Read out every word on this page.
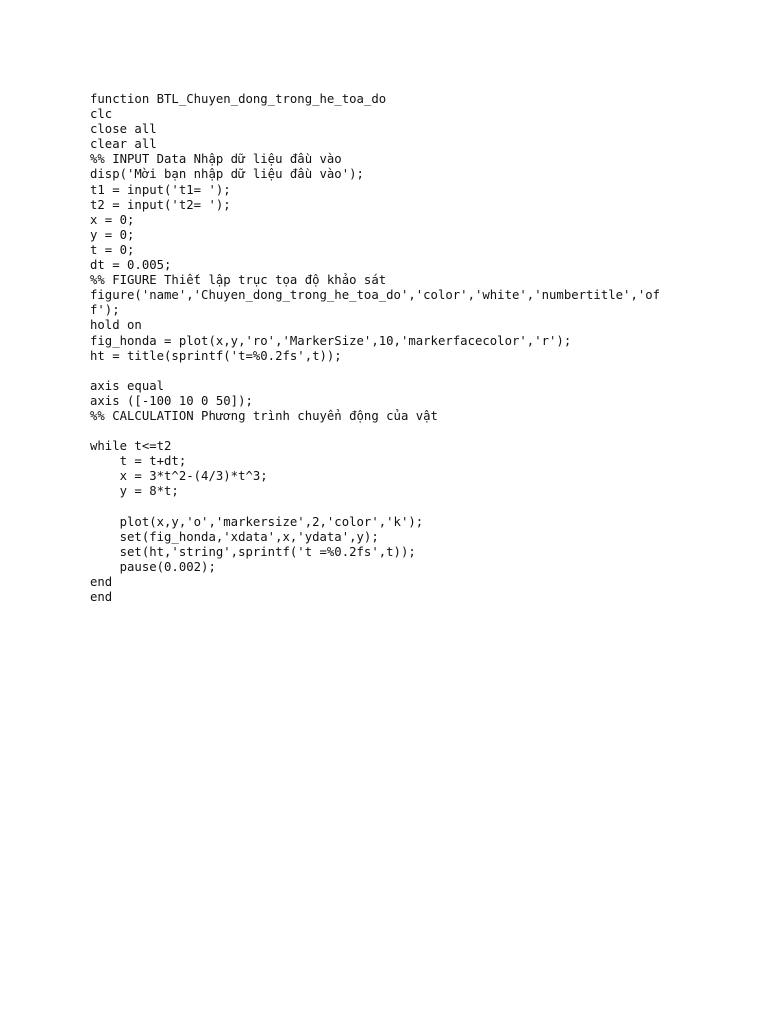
function BTL_Chuyen_dong_trong_he_toa_do
clc
close all
clear all
%% INPUT Data Nhập dữ liệu đầu vào
disp('Mời bạn nhập dữ liệu đầu vào');
t1 = input('t1= ');
t2 = input('t2= ');
x = 0;
y = 0;
t = 0;
dt = 0.005;
%% FIGURE Thiết lập trục tọa độ khảo sát
figure('name','Chuyen_dong_trong_he_toa_do','color','white','numbertitle','of
f');
hold on
fig_honda = plot(x,y,'ro','MarkerSize',10,'markerfacecolor','r');
ht = title(sprintf('t=%0.2fs',t));
axis equal
axis ([-100 10 0 50]);
%% CALCULATION Phương trình chuyển động của vật
while t<=t2
t = t+dt;
x = 3*t^2-(4/3)*t^3;
y = 8*t;
plot(x,y,'o','markersize',2,'color','k');
set(fig_honda,'xdata',x,'ydata',y);
set(ht,'string',sprintf('t =%0.2fs',t));
pause(0.002);
end
end
